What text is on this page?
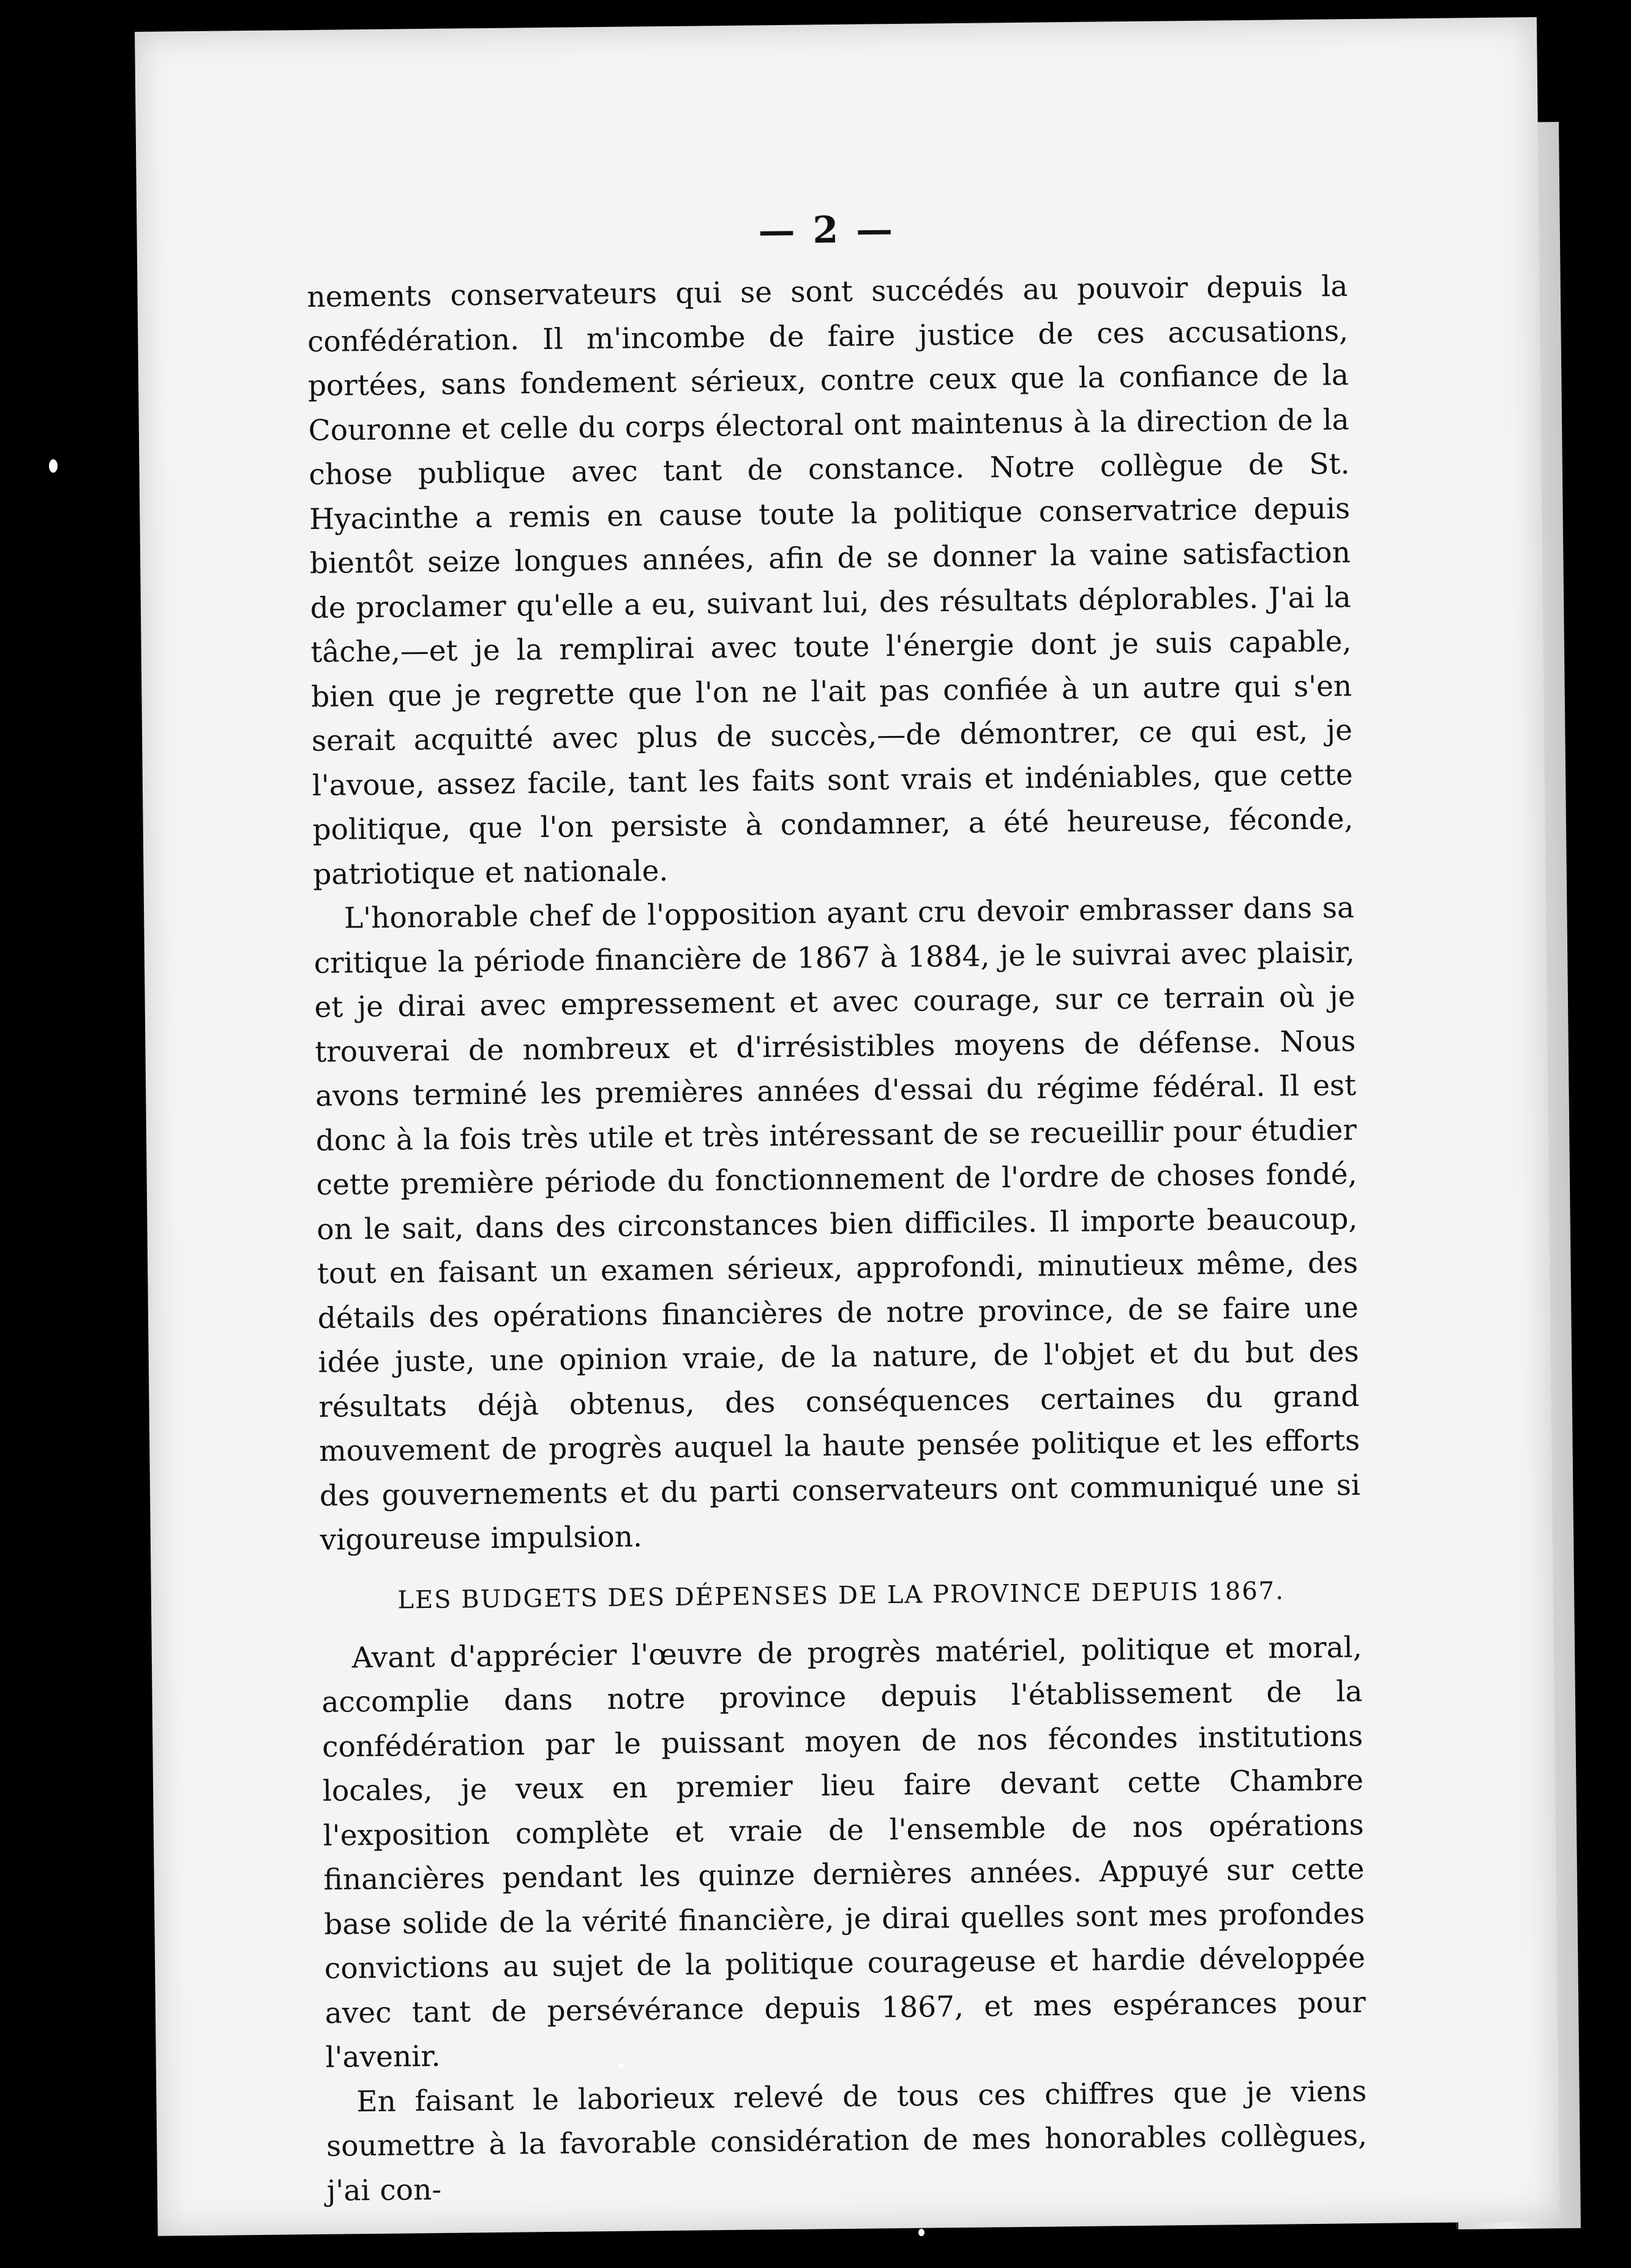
— 2 —

nements conservateurs qui se sont succédés au pouvoir depuis la confédération. Il m'incombe de faire justice de ces accusations, portées, sans fondement sérieux, contre ceux que la confiance de la Couronne et celle du corps électoral ont maintenus à la direction de la chose publique avec tant de constance. Notre collègue de St. Hyacinthe a remis en cause toute la politique conservatrice depuis bientôt seize longues années, afin de se donner la vaine satisfaction de proclamer qu'elle a eu, suivant lui, des résultats déplorables. J'ai la tâche,—et je la remplirai avec toute l'énergie dont je suis capable, bien que je regrette que l'on ne l'ait pas confiée à un autre qui s'en serait acquitté avec plus de succès,—de démontrer, ce qui est, je l'avoue, assez facile, tant les faits sont vrais et indéniables, que cette politique, que l'on persiste à condamner, a été heureuse, féconde, patriotique et nationale.

L'honorable chef de l'opposition ayant cru devoir embrasser dans sa critique la période financière de 1867 à 1884, je le suivrai avec plaisir, et je dirai avec empressement et avec courage, sur ce terrain où je trouverai de nombreux et d'irrésistibles moyens de défense. Nous avons terminé les premières années d'essai du régime fédéral. Il est donc à la fois très utile et très intéressant de se recueillir pour étudier cette première période du fonctionnement de l'ordre de choses fondé, on le sait, dans des circonstances bien difficiles. Il importe beaucoup, tout en faisant un examen sérieux, approfondi, minutieux même, des détails des opérations financières de notre province, de se faire une idée juste, une opinion vraie, de la nature, de l'objet et du but des résultats déjà obtenus, des conséquences certaines du grand mouvement de progrès auquel la haute pensée politique et les efforts des gouvernements et du parti conservateurs ont communiqué une si vigoureuse impulsion.

LES BUDGETS DES DÉPENSES DE LA PROVINCE DEPUIS 1867.

Avant d'apprécier l'œuvre de progrès matériel, politique et moral, accomplie dans notre province depuis l'établissement de la confédération par le puissant moyen de nos fécondes institutions locales, je veux en premier lieu faire devant cette Chambre l'exposition complète et vraie de l'ensemble de nos opérations financières pendant les quinze dernières années. Appuyé sur cette base solide de la vérité financière, je dirai quelles sont mes profondes convictions au sujet de la politique courageuse et hardie développée avec tant de persévérance depuis 1867, et mes espérances pour l'avenir.

En faisant le laborieux relevé de tous ces chiffres que je viens soumettre à la favorable considération de mes honorables collègues, j'ai con-
